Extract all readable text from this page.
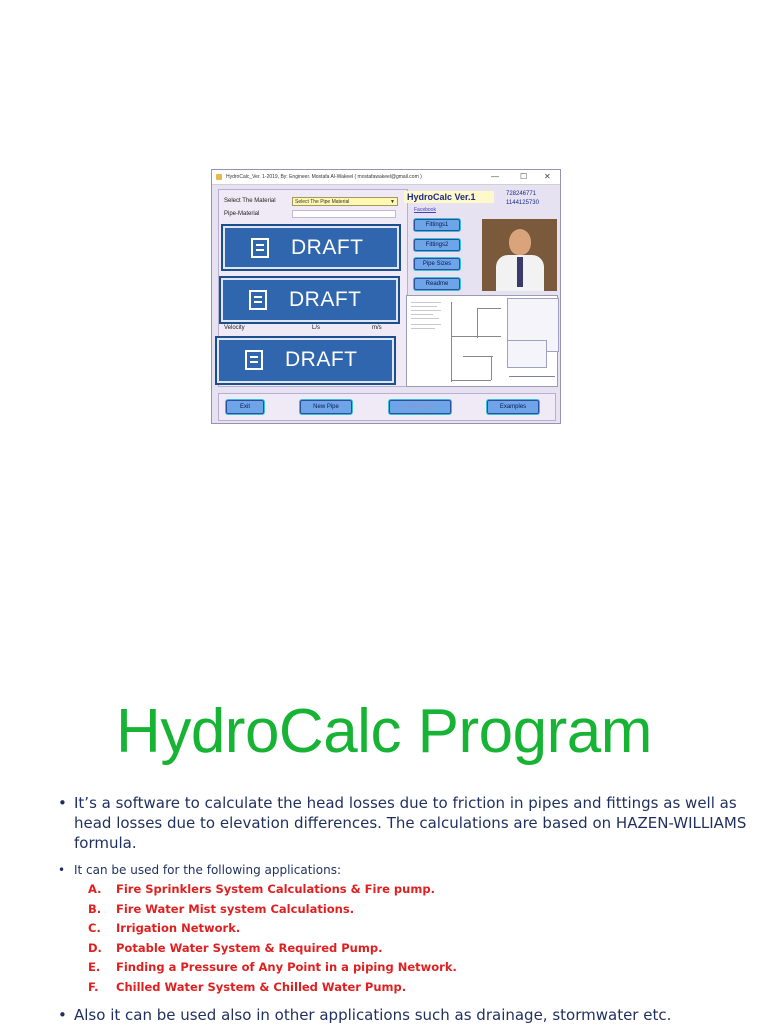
HydroCalc_Ver. 1-2019, By: Engineer. Mostafa Al-Wakeel ( mostafawakeel@gmail.com )	—	☐ ✕
Select The Material	Select The Pipe Material	▼
Pipe-Material
Velocity	L/s	m/s
DRAFT
DRAFT
DRAFT
HydroCalc Ver.1	728246771
1144125730
Facebook
Fittings1
Fittings2
Pipe Sizes
Readme
Exit	New Pipe	Print Report	Examples
HydroCalc Program
• It’s a software to calculate the head losses due to friction in pipes and fittings as well as head losses due to elevation differences. The calculations are based on HAZEN-WILLIAMS formula.
• It can be used for the following applications:
A. Fire Sprinklers System Calculations & Fire pump.
B. Fire Water Mist system Calculations.
C. Irrigation Network.
D. Potable Water System & Required Pump.
E. Finding a Pressure of Any Point in a piping Network.
F. Chilled Water System & Chilled Water Pump.
• Also it can be used also in other applications such as drainage, stormwater etc.
